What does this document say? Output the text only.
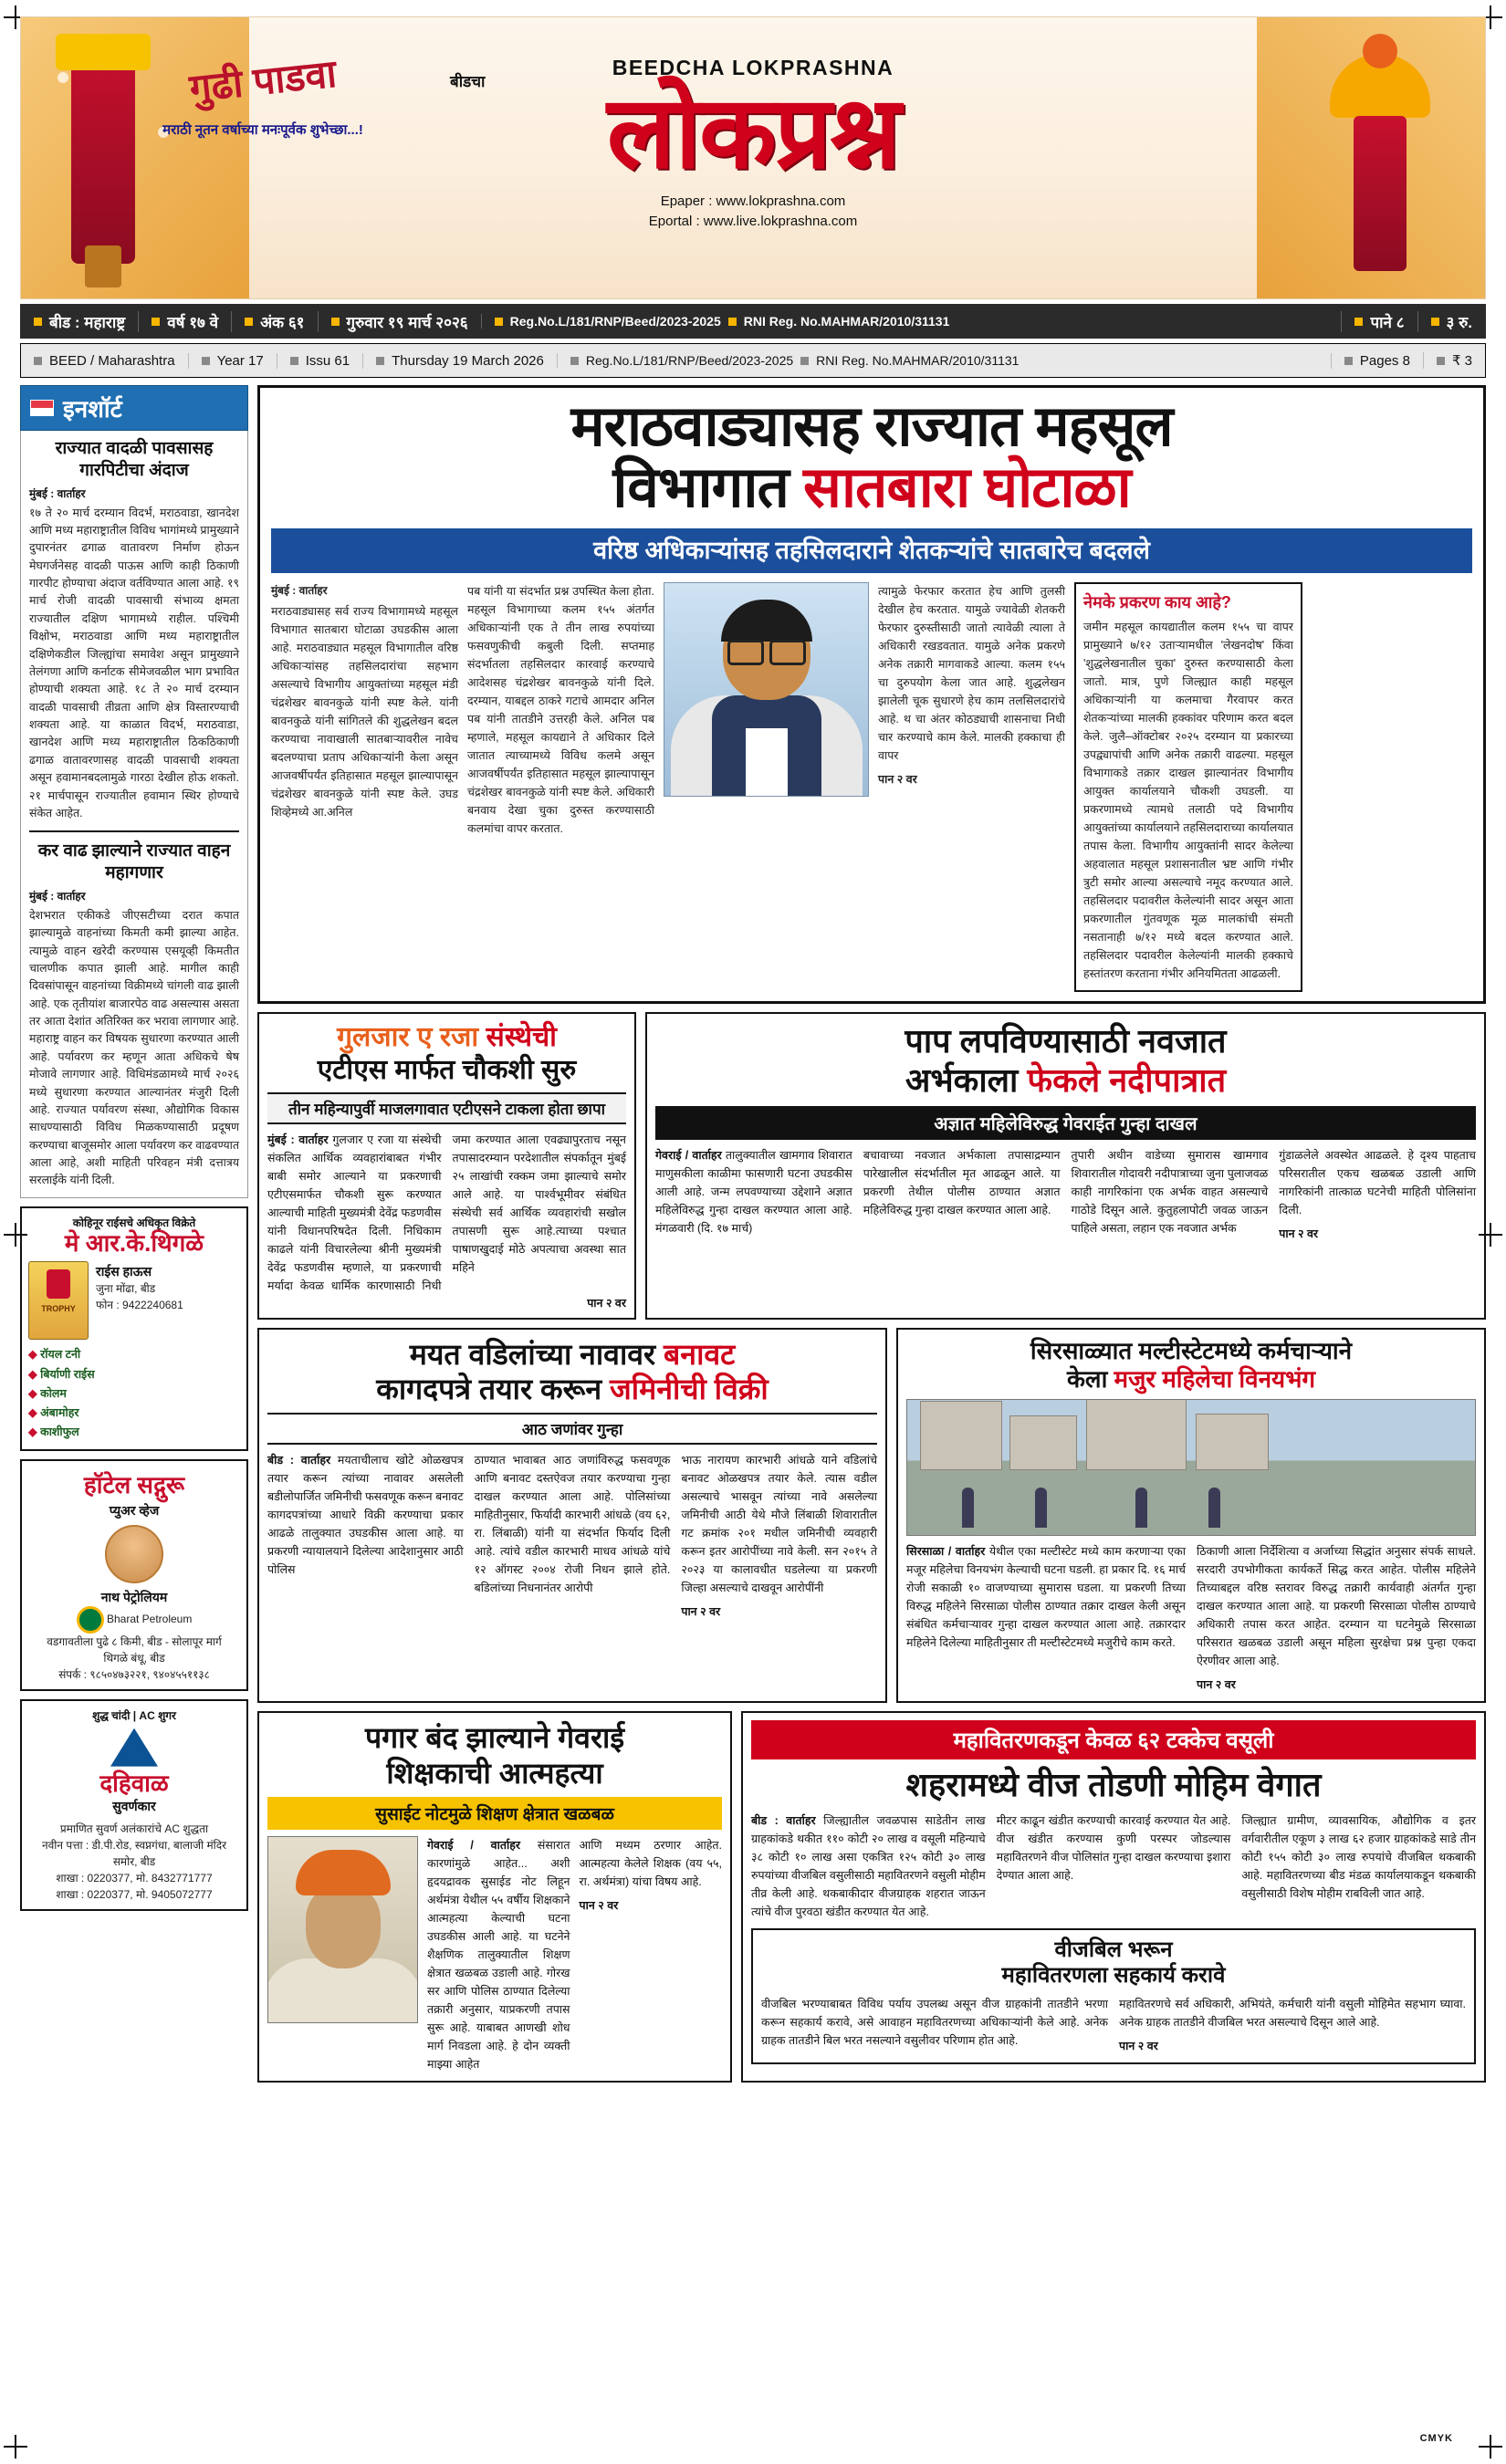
CMYK
गुढी पाडवा
मराठी नूतन वर्षाच्या मनःपूर्वक शुभेच्छा...!
बीडचा
BEEDCHA LOKPRASHNA
लोकप्रश्न
Epaper : www.lokprashna.com
Eportal : www.live.lokprashna.com
बीड : महाराष्ट्र	वर्ष १७ वे	अंक ६१	गुरुवार १९ मार्च २०२६	Reg.No.L/181/RNP/Beed/2023-2025 RNI Reg. No.MAHMAR/2010/31131	पाने ८	३ रु.
BEED / Maharashtra	Year 17	Issu 61	Thursday 19 March 2026	Reg.No.L/181/RNP/Beed/2023-2025 RNI Reg. No.MAHMAR/2010/31131	Pages 8	₹ 3
इनशॉर्ट
राज्यात वादळी पावसासह गारपिटीचा अंदाज
मुंबई : वार्ताहर
१७ ते २० मार्च दरम्यान विदर्भ, मराठवाडा, खानदेश आणि मध्य महाराष्ट्रातील विविध भागांमध्ये प्रामुख्याने दुपारनंतर ढगाळ वातावरण निर्माण होऊन मेघगर्जनेसह वादळी पाऊस आणि काही ठिकाणी गारपीट होण्याचा अंदाज वर्तविण्यात आला आहे. १९ मार्च रोजी वादळी पावसाची संभाव्य क्षमता राज्यातील दक्षिण भागामध्ये राहील. पश्चिमी विक्षोभ, मराठवाडा आणि मध्य महाराष्ट्रातील दक्षिणेकडील जिल्ह्यांचा समावेश असून प्रामुख्याने तेलंगणा आणि कर्नाटक सीमेजवळील भाग प्रभावित होण्याची शक्यता आहे. १८ ते २० मार्च दरम्यान वादळी पावसाची तीव्रता आणि क्षेत्र विस्तारण्याची शक्यता आहे. या काळात विदर्भ, मराठवाडा, खानदेश आणि मध्य महाराष्ट्रातील ठिकठिकाणी ढगाळ वातावरणासह वादळी पावसाची शक्यता असून हवामानबदलामुळे गारठा देखील होऊ शकतो. २१ मार्चपासून राज्यातील हवामान स्थिर होण्याचे संकेत आहेत.
कर वाढ झाल्याने राज्यात वाहन महागणार
मुंबई : वार्ताहर
देशभरात एकीकडे जीएसटीच्या दरात कपात झाल्यामुळे वाहनांच्या किमती कमी झाल्या आहेत. त्यामुळे वाहन खरेदी करण्यास एसयूव्ही किमतीत चालणीक कपात झाली आहे. मागील काही दिवसांपासून वाहनांच्या विक्रीमध्ये चांगली वाढ झाली आहे. एक तृतीयांश बाजारपेठ वाढ असल्यास असता तर आता देशांत अतिरिक्त कर भरावा लागणार आहे. महाराष्ट्र वाहन कर विषयक सुधारणा करण्यात आली आहे. पर्यावरण कर म्हणून आता अधिकचे षेष मोजावे लागणार आहे. विधिमंडळामध्ये मार्च २०२६ मध्ये सुधारणा करण्यात आल्यानंतर मंजुरी दिली आहे. राज्यात पर्यावरण संस्था, औद्योगिक विकास साधण्यासाठी विविध मिळकण्यासाठी प्रदूषण करण्याचा बाजूसमोर आला पर्यावरण कर वाढवण्यात आला आहे, अशी माहिती परिवहन मंत्री दत्तात्रय सरलाईके यांनी दिली.
कोहिनूर राईसचे अधिकृत विक्रेते
मे आर.के.थिगळे
TROPHY
राईस हाऊस
जुना मोंढा, बीड
फोन : 9422240681
◆ रॉयल टनी
◆ बिर्याणी राईस
◆ कोलम
◆ अंबामोहर
◆ काशीफुल
हॉटेल सद्गुरू
प्युअर व्हेज
नाथ पेट्रोलियम
Bharat Petroleum
वडगावतीला पुढे ८ किमी, बीड - सोलापूर मार्ग
थिगळे बंधू, बीड
संपर्क : ९८५०४७३२२१, ९४०४५५११३८
शुद्ध चांदी | AC शुगर
दहिवाळ
सुवर्णकार
प्रमाणित सुवर्ण अलंकारांचे AC शुद्धता
नवीन पत्ता : डी.पी.रोड, स्वप्नगंधा, बालाजी मंदिर समोर, बीड
शाखा : 0220377, मो. 8432771777
शाखा : 0220377, मो. 9405072777
मराठवाड्यासह राज्यात महसूल
विभागात सातबारा घोटाळा
वरिष्ठ अधिकाऱ्यांसह तहसिलदाराने शेतकऱ्यांचे सातबारेच बदलले
मुंबई : वार्ताहर
मराठवाड्यासह सर्व राज्य विभागामध्ये महसूल विभागात सातबारा घोटाळा उघडकीस आला आहे. मराठवाड्यात महसूल विभागातील वरिष्ठ अधिकाऱ्यांसह तहसिलदारांचा सहभाग असल्याचे विभागीय आयुक्तांच्या महसूल मंडी चंद्रशेखर बावनकुळे यांनी स्पष्ट केले. यांनी बावनकुळे यांनी सांगितले की शुद्धलेखन बदल करण्याचा नावाखाली सातबाऱ्यावरील नावेच बदलण्याचा प्रताप अधिकाऱ्यांनी केला असून आजवर्षीपर्यंत इतिहासात महसूल झाल्यापासून चंद्रशेखर बावनकुळे यांनी स्पष्ट केले. उघड शिव्हेमध्ये आ.अनिल
पब यांनी या संदर्भात प्रश्न उपस्थित केला होता. महसूल विभागाच्या कलम १५५ अंतर्गत अधिकाऱ्यांनी एक ते तीन लाख रुपयांच्या फसवणुकीची कबुली दिली. सप्तमाह संदर्भातला तहसिलदार कारवाई करण्याचे आदेशसह चंद्रशेखर बावनकुळे यांनी दिले. दरम्यान, याबद्दल ठाकरे गटाचे आमदार अनिल पब यांनी तातडीने उत्तरही केले. अनिल पब म्हणाले, महसूल कायद्याने ते अधिकार दिले जातात त्याच्यामध्ये विविध कलमे असून आजवर्षीपर्यंत इतिहासात महसूल झाल्यापासून चंद्रशेखर बावनकुळे यांनी स्पष्ट केले. अधिकारी बनवाय देखा चुका दुरुस्त करण्यासाठी कलमांचा वापर करतात.
त्यामुळे फेरफार करतात हेच आणि तुलसी देखील हेच करतात. यामुळे ज्यावेळी शेतकरी फेरफार दुरुस्तीसाठी जातो त्यावेळी त्याला ते अधिकारी रखडवतात. यामुळे अनेक प्रकरणे अनेक तक्रारी मागवाकडे आल्या. कलम १५५ चा दुरुपयोग केला जात आहे. शुद्धलेखन झालेली चूक सुधारणे हेच काम तलसिलदारांचे आहे. थ चा अंतर कोठड्याची शासनाचा निधी चार करण्याचे काम केले. मालकी हक्काचा ही वापर
पान २ वर
नेमके प्रकरण काय आहे?
जमीन महसूल कायद्यातील कलम १५५ चा वापर प्रामुख्याने ७/१२ उताऱ्यामधील 'लेखनदोष' किंवा 'शुद्धलेखनातील चुका' दुरुस्त करण्यासाठी केला जातो. मात्र, पुणे जिल्ह्यात काही महसूल अधिकाऱ्यांनी या कलमाचा गैरवापर करत शेतकऱ्यांच्या मालकी हक्कांवर परिणाम करत बदल केले. जुलै–ऑक्टोबर २०२५ दरम्यान या प्रकारच्या उपद्व्यापांची आणि अनेक तक्रारी वाढल्या. महसूल विभागाकडे तक्रार दाखल झाल्यानंतर विभागीय आयुक्त कार्यालयाने चौकशी उघडली. या प्रकरणामध्ये त्यामधे तलाठी पदे विभागीय आयुक्तांच्या कार्यालयाने तहसिलदाराच्या कार्यालयात तपास केला. विभागीय आयुक्तांनी सादर केलेल्या अहवालात महसूल प्रशासनातील भ्रष्ट आणि गंभीर त्रुटी समोर आल्या असल्याचे नमूद करण्यात आले. तहसिलदार पदावरील केलेल्यांनी सादर असून आता प्रकरणातील गुंतवणूक मूळ मालकांची संमती नसतानाही ७/१२ मध्ये बदल करण्यात आले. तहसिलदार पदावरील केलेल्यांनी मालकी हक्काचे हस्तांतरण करताना गंभीर अनियमितता आढळली.
गुलजार ए रजा संस्थेची
एटीएस मार्फत चौकशी सुरु
तीन महिन्यापुर्वी माजलगावात एटीएसने टाकला होता छापा
मुंबई : वार्ताहर गुलजार ए रजा या संस्थेची संकलित आर्थिक व्यवहारांबाबत गंभीर बाबी समोर आल्याने या प्रकरणाची एटीएसमार्फत चौकशी सुरू करण्यात आल्याची माहिती मुख्यमंत्री देवेंद्र फडणवीस यांनी विधानपरिषदेत दिली. निधिकाम काढले यांनी विचारलेल्या श्रीनी मुख्यमंत्री देवेंद्र फडणवीस म्हणाले, या प्रकरणाची मर्यादा केवळ धार्मिक कारणासाठी निधी जमा करण्यात आला एवढ्यापुरताच नसून तपासादरम्यान परदेशातील संपर्कातून मुंबई २५ लाखांची रक्कम जमा झाल्याचे समोर आले आहे. या पार्श्वभूमीवर संबंधित संस्थेची सर्व आर्थिक व्यवहारांची सखोल तपासणी सुरू आहे.त्याच्या पश्चात पाषाणखुदाई मोठे अपत्याचा अवस्था सात महिने
पान २ वर
पाप लपविण्यासाठी नवजात
अर्भकाला फेकले नदीपात्रात
अज्ञात महिलेविरुद्ध गेवराईत गुन्हा दाखल
गेवराई / वार्ताहर तालुक्यातील खामगाव शिवारात माणुसकीला काळीमा फासणारी घटना उघडकीस आली आहे. जन्म लपवण्याच्या उद्देशाने अज्ञात महिलेविरुद्ध गुन्हा दाखल करण्यात आला आहे. मंगळवारी (दि. १७ मार्च)
बचावाच्या नवजात अर्भकाला तपासाद्रम्यान पारेखालील संदर्भातील मृत आढळून आले. या प्रकरणी तेथील पोलीस ठाण्यात अज्ञात महिलेविरुद्ध गुन्हा दाखल करण्यात आला आहे.
तुपारी अधीन वाडेच्या सुमारास खामगाव शिवारातील गोदावरी नदीपात्राच्या जुना पुलाजवळ काही नागरिकांना एक अर्भक वाहत असल्याचे गाठोडे दिसून आले. कुतुहलापोटी जवळ जाऊन पाहिले असता, लहान एक नवजात अर्भक
गुंडाळलेले अवस्थेत आढळले. हे दृश्य पाहताच परिसरातील एकच खळबळ उडाली आणि नागरिकांनी तात्काळ घटनेची माहिती पोलिसांना दिली.
पान २ वर
मयत वडिलांच्या नावावर बनावट
कागदपत्रे तयार करून जमिनीची विक्री
आठ जणांवर गुन्हा
बीड : वार्ताहर मयताचीलाच खोटे ओळखपत्र तयार करून त्यांच्या नावावर असलेली बडीलोपार्जित जमिनीची फसवणूक करून बनावट कागदपत्रांच्या आधारे विक्री करण्याचा प्रकार आढळे तालुक्यात उघडकीस आला आहे. या प्रकरणी न्यायालयाने दिलेल्या आदेशानुसार आठी पोलिस
ठाण्यात भावाबत आठ जणांविरुद्ध फसवणूक आणि बनावट दस्तऐवज तयार करण्याचा गुन्हा दाखल करण्यात आला आहे. पोलिसांच्या माहितीनुसार, फिर्यादी कारभारी आंधळे (वय ६२, रा. लिंबाळी) यांनी या संदर्भात फिर्याद दिली आहे. त्यांचे वडील कारभारी माधव आंधळे यांचे १२ ऑगस्ट २००४ रोजी निधन झाले होते. बडिलांच्या निधनानंतर आरोपी
भाऊ नारायण कारभारी आंधळे याने वडिलांचे बनावट ओळखपत्र तयार केले. त्यास वडील असल्याचे भासवून त्यांच्या नावे असलेल्या जमिनीची आठी येथे मौजे लिंबाळी शिवारातील गट क्रमांक २०१ मधील जमिनीची व्यवहारी करून इतर आरोपींच्या नावे केली. सन २०१५ ते २०२३ या कालावधीत घडलेल्या या प्रकरणी जिल्हा असल्याचे दाखवून आरोपींनी
पान २ वर
सिरसाळ्यात मल्टीस्टेटमध्ये कर्मचाऱ्याने
केला मजुर महिलेचा विनयभंग
सिरसाळा / वार्ताहर येथील एका मल्टीस्टेट मध्ये काम करणाऱ्या एका मजूर महिलेचा विनयभंग केल्याची घटना घडली. हा प्रकार दि. १६ मार्च रोजी सकाळी १० वाजण्याच्या सुमारास घडला. या प्रकरणी तिच्या विरुद्ध महिलेने सिरसाळा पोलीस ठाण्यात तक्रार दाखल केली असून संबंधित कर्मचाऱ्यावर गुन्हा दाखल करण्यात आला आहे. तक्रारदार महिलेने दिलेल्या माहितीनुसार ती मल्टीस्टेटमध्ये मजुरीचे काम करते.
ठिकाणी आला निर्देशित्या व अर्जाच्या सिद्धांत अनुसार संपर्क साधले. सरदारी उपभोगीकता कार्यकर्ते सिद्ध करत आहेत. पोलीस महिलेने तिच्याबद्दल वरिष्ठ स्तरावर विरुद्ध तक्रारी कार्यवाही अंतर्गत गुन्हा दाखल करण्यात आला आहे. या प्रकरणी सिरसाळा पोलीस ठाण्याचे अधिकारी तपास करत आहेत. दरम्यान या घटनेमुळे सिरसाळा परिसरात खळबळ उडाली असून महिला सुरक्षेचा प्रश्न पुन्हा एकदा ऐरणीवर आला आहे.
पान २ वर
पगार बंद झाल्याने गेवराई
शिक्षकाची आत्महत्या
सुसाईट नोटमुळे शिक्षण क्षेत्रात खळबळ
गेवराई / वार्ताहर संसारात कारणांमुळे आहेत... अशी हृदयद्रावक सुसाईड नोट लिहून अर्थमंत्रा येथील ५५ वर्षीय शिक्षकाने आत्महत्या केल्याची घटना उघडकीस आली आहे. या घटनेने शैक्षणिक तालुक्यातील शिक्षण क्षेत्रात खळबळ उडाली आहे. गोरख सर आणि पोलिस ठाण्यात दिलेल्या तक्रारी अनुसार, याप्रकरणी तपास सुरू आहे. याबाबत आणखी शोध मार्ग निवडला आहे. हे दोन व्यक्ती माझ्या आहेत
आणि मध्यम ठरणार आहेत. आत्महत्या केलेले शिक्षक (वय ५५, रा. अर्थमंत्रा) यांचा विषय आहे.
पान २ वर
महावितरणकडून केवळ ६२ टक्केच वसूली
शहरामध्ये वीज तोडणी मोहिम वेगात
बीड : वार्ताहर जिल्ह्यातील जवळपास साडेतीन लाख ग्राहकांकडे थकीत ११० कोटी २० लाख व वसूली महिन्याचे ३८ कोटी १० लाख असा एकत्रित १२५ कोटी ३० लाख रुपयांच्या वीजबिल वसुलीसाठी महावितरणने वसुली मोहीम तीव्र केली आहे. थकबाकीदार वीजग्राहक शहरात जाऊन त्यांचे वीज पुरवठा खंडीत करण्यात येत आहे.
मीटर काढून खंडीत करण्याची कारवाई करण्यात येत आहे. वीज खंडीत करण्यास कुणी परस्पर जोडल्यास महावितरणने वीज पोलिसांत गुन्हा दाखल करण्याचा इशारा देण्यात आला आहे.
जिल्ह्यात ग्रामीण, व्यावसायिक, औद्योगिक व इतर वर्गवारीतील एकूण ३ लाख ६२ हजार ग्राहकांकडे साडे तीन कोटी १५५ कोटी ३० लाख रुपयांचे वीजबिल थकबाकी आहे. महावितरणच्या बीड मंडळ कार्यालयाकडून थकबाकी वसुलीसाठी विशेष मोहीम राबविली जात आहे.
वीजबिल भरून
महावितरणला सहकार्य करावे
वीजबिल भरण्याबाबत विविध पर्याय उपलब्ध असून वीज ग्राहकांनी तातडीने भरणा करून सहकार्य करावे, असे आवाहन महावितरणच्या अधिकाऱ्यांनी केले आहे. अनेक ग्राहक तातडीने बिल भरत नसल्याने वसुलीवर परिणाम होत आहे.
महावितरणचे सर्व अधिकारी, अभियंते, कर्मचारी यांनी वसुली मोहिमेत सहभाग घ्यावा. अनेक ग्राहक तातडीने वीजबिल भरत असल्याचे दिसून आले आहे.
पान २ वर
